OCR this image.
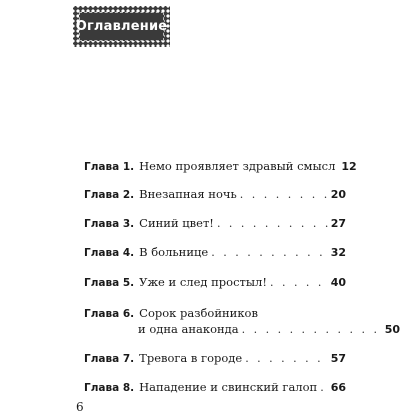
Оглавление
Глава 1. Немо проявляет здравый смысл 12
Глава 2. Внезапная ночь . . .	20
Глава 3. Синий цвет! . . .	27
Глава 4. В больнице . . .	32
Глава 5. Уже и след простыл! . . .	40
Глава 6. Сорок разбойников
и одна анаконда . . .	50
Глава 7. Тревога в городе . . .	57
Глава 8. Нападение и свинский галоп . . . 66
6
